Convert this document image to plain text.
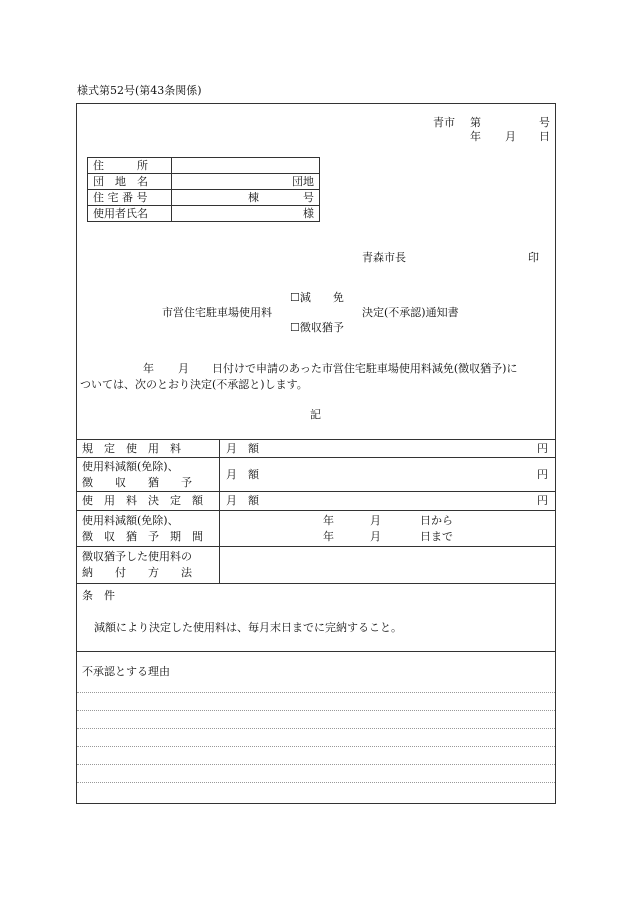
様式第52号(第43条関係)
青市 第	号
年 月 日
住　　　所	
団　地　名	団地
住 宅 番 号	棟　　　　号
使用者氏名	様
青森市長	印
☐減　　免
市営住宅駐車場使用料	決定(不承認)通知書
☐徴収猶予
年 月 日付けで申請のあった市営住宅駐車場使用料減免(徴収猶予)に
ついては、次のとおり決定(不承認と)します。
記
規　定　使　用　料	月　額	円
使用料減額(免除)、
徴　　収　　猶　　予
月　額	円
使　用　料　決　定　額 月　額	円
使用料減額(免除)、
徴　収　猶　予　期　間
年	月	日から
年	月	日まで
徴収猶予した使用料の
納　　付　　方　　法
条　件
減額により決定した使用料は、毎月末日までに完納すること。
不承認とする理由
